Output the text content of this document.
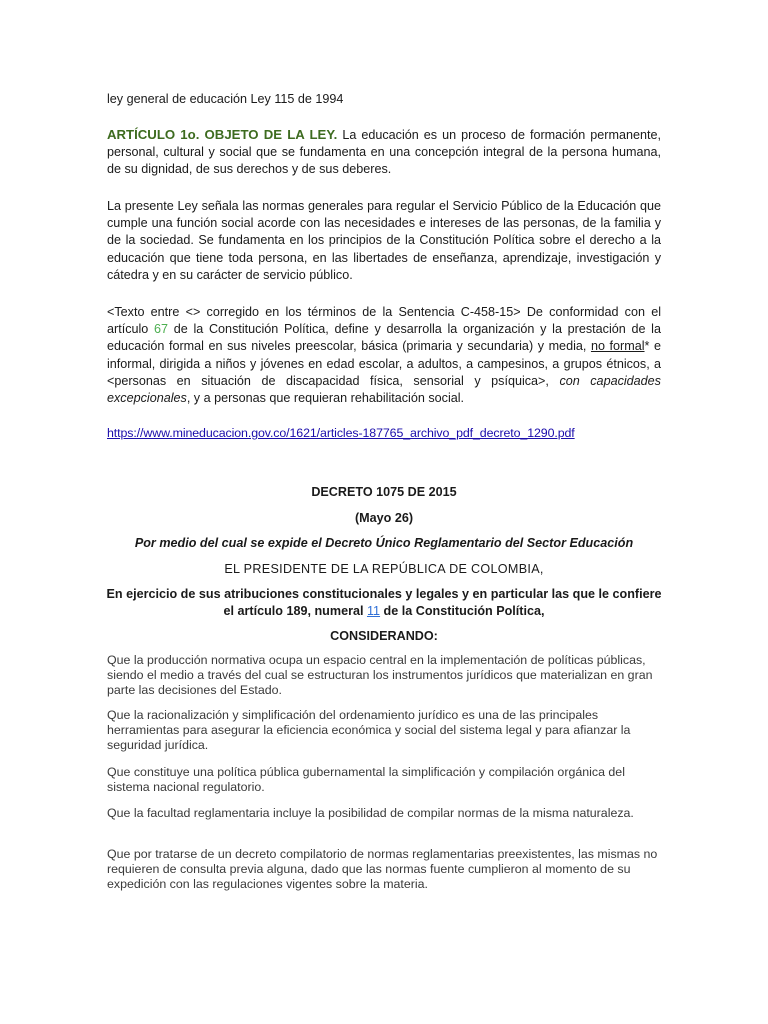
ley general de educación Ley 115 de 1994
ARTÍCULO 1o. OBJETO DE LA LEY. La educación es un proceso de formación permanente, personal, cultural y social que se fundamenta en una concepción integral de la persona humana, de su dignidad, de sus derechos y de sus deberes.
La presente Ley señala las normas generales para regular el Servicio Público de la Educación que cumple una función social acorde con las necesidades e intereses de las personas, de la familia y de la sociedad. Se fundamenta en los principios de la Constitución Política sobre el derecho a la educación que tiene toda persona, en las libertades de enseñanza, aprendizaje, investigación y cátedra y en su carácter de servicio público.
<Texto entre <> corregido en los términos de la Sentencia C-458-15> De conformidad con el artículo 67 de la Constitución Política, define y desarrolla la organización y la prestación de la educación formal en sus niveles preescolar, básica (primaria y secundaria) y media, no formal* e informal, dirigida a niños y jóvenes en edad escolar, a adultos, a campesinos, a grupos étnicos, a <personas en situación de discapacidad física, sensorial y psíquica>, con capacidades excepcionales, y a personas que requieran rehabilitación social.
https://www.mineducacion.gov.co/1621/articles-187765_archivo_pdf_decreto_1290.pdf
DECRETO 1075 DE 2015
(Mayo 26)
Por medio del cual se expide el Decreto Único Reglamentario del Sector Educación
EL PRESIDENTE DE LA REPÚBLICA DE COLOMBIA,
En ejercicio de sus atribuciones constitucionales y legales y en particular las que le confiere el artículo 189, numeral 11 de la Constitución Política,
CONSIDERANDO:
Que la producción normativa ocupa un espacio central en la implementación de políticas públicas, siendo el medio a través del cual se estructuran los instrumentos jurídicos que materializan en gran parte las decisiones del Estado.
Que la racionalización y simplificación del ordenamiento jurídico es una de las principales herramientas para asegurar la eficiencia económica y social del sistema legal y para afianzar la seguridad jurídica.
Que constituye una política pública gubernamental la simplificación y compilación orgánica del sistema nacional regulatorio.
Que la facultad reglamentaria incluye la posibilidad de compilar normas de la misma naturaleza.
Que por tratarse de un decreto compilatorio de normas reglamentarias preexistentes, las mismas no requieren de consulta previa alguna, dado que las normas fuente cumplieron al momento de su expedición con las regulaciones vigentes sobre la materia.
